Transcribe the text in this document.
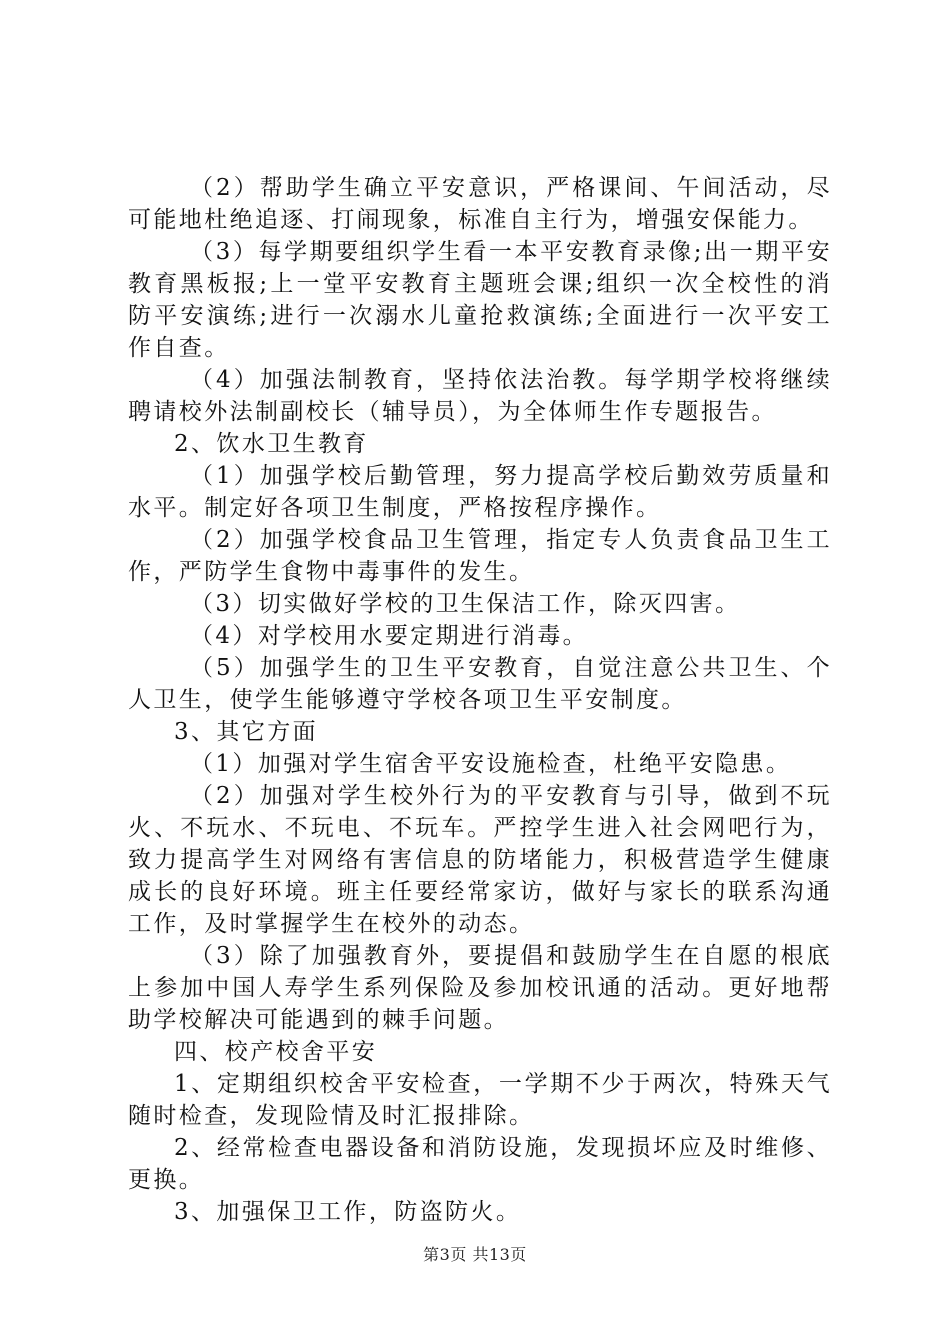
（2）帮助学生确立平安意识，严格课间、午间活动，尽可能地杜绝追逐、打闹现象，标准自主行为，增强安保能力。

（3）每学期要组织学生看一本平安教育录像;出一期平安教育黑板报;上一堂平安教育主题班会课;组织一次全校性的消防平安演练;进行一次溺水儿童抢救演练;全面进行一次平安工作自查。

（4）加强法制教育，坚持依法治教。每学期学校将继续聘请校外法制副校长（辅导员），为全体师生作专题报告。

2、饮水卫生教育

（1）加强学校后勤管理，努力提高学校后勤效劳质量和水平。制定好各项卫生制度，严格按程序操作。

（2）加强学校食品卫生管理，指定专人负责食品卫生工作，严防学生食物中毒事件的发生。

（3）切实做好学校的卫生保洁工作，除灭四害。

（4）对学校用水要定期进行消毒。

（5）加强学生的卫生平安教育，自觉注意公共卫生、个人卫生，使学生能够遵守学校各项卫生平安制度。

3、其它方面

（1）加强对学生宿舍平安设施检查，杜绝平安隐患。

（2）加强对学生校外行为的平安教育与引导，做到不玩火、不玩水、不玩电、不玩车。严控学生进入社会网吧行为，致力提高学生对网络有害信息的防堵能力，积极营造学生健康成长的良好环境。班主任要经常家访，做好与家长的联系沟通工作，及时掌握学生在校外的动态。

（3）除了加强教育外，要提倡和鼓励学生在自愿的根底上参加中国人寿学生系列保险及参加校讯通的活动。更好地帮助学校解决可能遇到的棘手问题。

四、校产校舍平安

1、定期组织校舍平安检查，一学期不少于两次，特殊天气随时检查，发现险情及时汇报排除。

2、经常检查电器设备和消防设施，发现损坏应及时维修、更换。

3、加强保卫工作，防盗防火。

第3页 共13页
